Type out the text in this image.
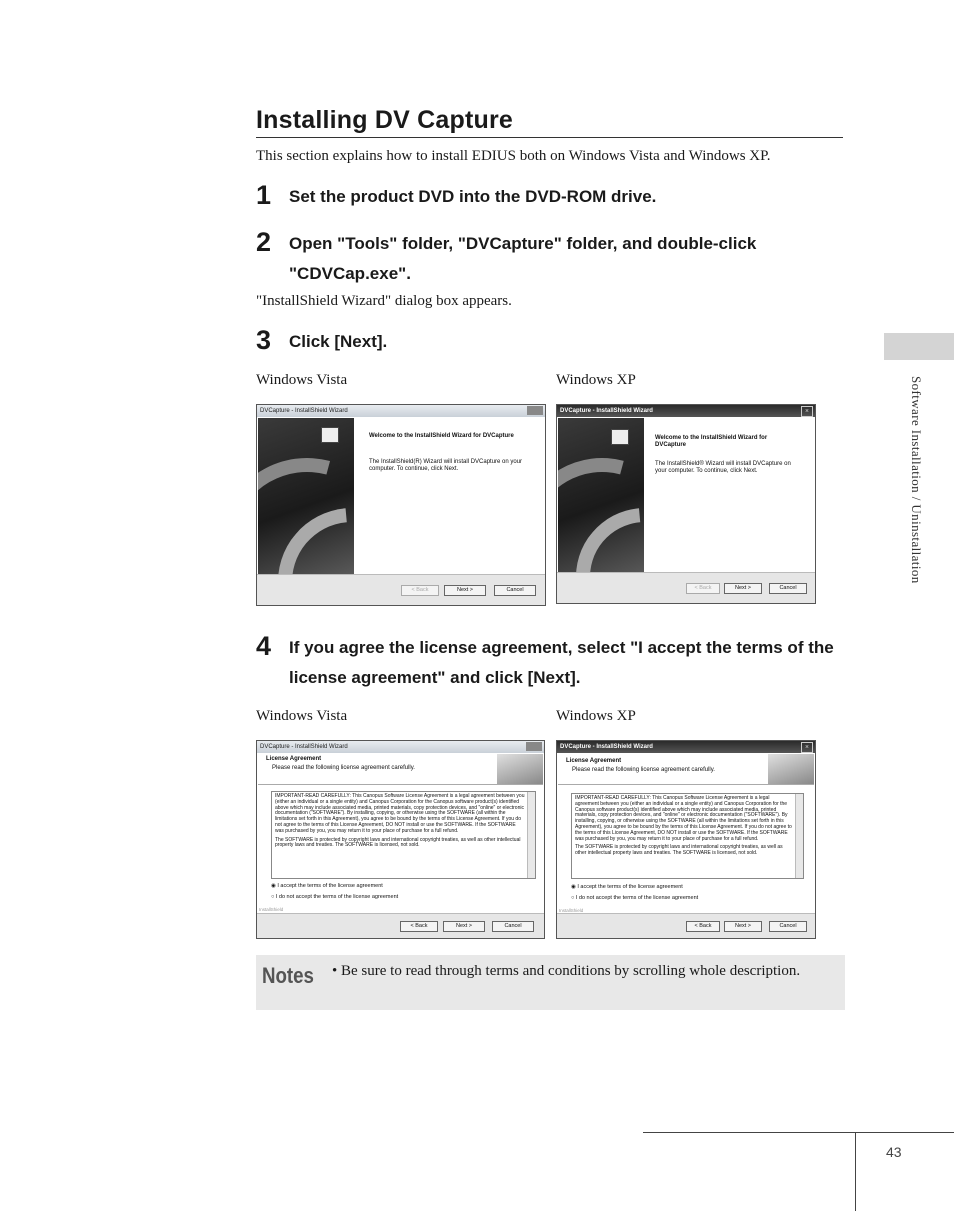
Installing DV Capture
This section explains how to install EDIUS both on Windows Vista and Windows XP.
1 Set the product DVD into the DVD-ROM drive.
2 Open "Tools" folder, "DVCapture" folder, and double-click "CDVCap.exe".
"InstallShield Wizard" dialog box appears.
3 Click [Next].
Windows Vista	Windows XP
DVCapture - InstallShield Wizard
Welcome to the InstallShield Wizard for DVCapture
The InstallShield(R) Wizard will install DVCapture on your computer. To continue, click Next.
< Back	Next >	Cancel
DVCapture - InstallShield Wizard	×
Welcome to the InstallShield Wizard for DVCapture
The InstallShield® Wizard will install DVCapture on your computer. To continue, click Next.
< Back	Next >	Cancel
4 If you agree the license agreement, select "I accept the terms of the license agreement" and click [Next].
Windows Vista	Windows XP
DVCapture - InstallShield Wizard
License Agreement
Please read the following license agreement carefully.
IMPORTANT-READ CAREFULLY: This Canopus Software License Agreement is a legal agreement between you (either an individual or a single entity) and Canopus Corporation for the Canopus software product(s) identified above which may include associated media, printed materials, copy protection devices, and "online" or electronic documentation ("SOFTWARE"). By installing, copying, or otherwise using the SOFTWARE (all within the limitations set forth in this Agreement), you agree to be bound by the terms of this License Agreement. If you do not agree to the terms of this License Agreement, DO NOT install or use the SOFTWARE. If the SOFTWARE was purchased by you, you may return it to your place of purchase for a full refund.
The SOFTWARE is protected by copyright laws and international copyright treaties, as well as other intellectual property laws and treaties. The SOFTWARE is licensed, not sold.
◉ I accept the terms of the license agreement
○ I do not accept the terms of the license agreement
InstallShield
< Back	Next >	Cancel
DVCapture - InstallShield Wizard	×
License Agreement
Please read the following license agreement carefully.
IMPORTANT-READ CAREFULLY: This Canopus Software License Agreement is a legal agreement between you (either an individual or a single entity) and Canopus Corporation for the Canopus software product(s) identified above which may include associated media, printed materials, copy protection devices, and "online" or electronic documentation ("SOFTWARE"). By installing, copying, or otherwise using the SOFTWARE (all within the limitations set forth in this Agreement), you agree to be bound by the terms of this License Agreement. If you do not agree to the terms of this License Agreement, DO NOT install or use the SOFTWARE. If the SOFTWARE was purchased by you, you may return it to your place of purchase for a full refund.
The SOFTWARE is protected by copyright laws and international copyright treaties, as well as other intellectual property laws and treaties. The SOFTWARE is licensed, not sold.
◉ I accept the terms of the license agreement
○ I do not accept the terms of the license agreement
InstallShield
< Back	Next >	Cancel
Notes • Be sure to read through terms and conditions by scrolling whole description.
Software Installation / Uninstallation
43
